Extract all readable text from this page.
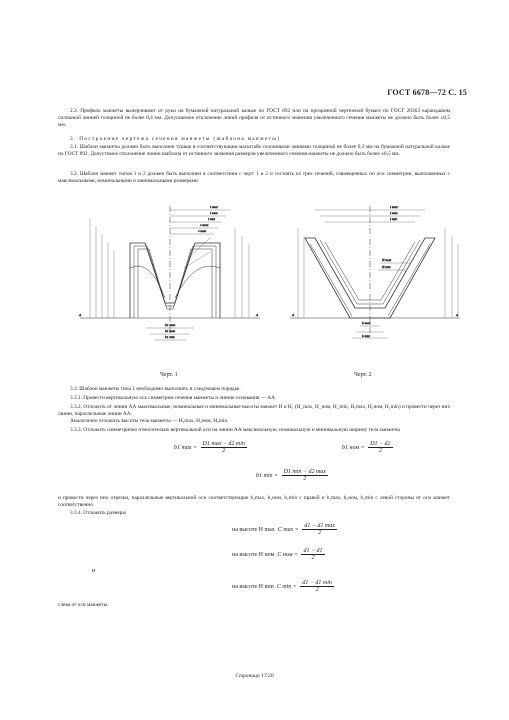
ГОСТ 6678—72 С. 15

2.2. Профиль манжеты вычерчивают от руки на бумажной натуральной кальке по ГОСТ 892 или на прозрачной чертежной бумаге по ГОСТ 20363 карандашом сплошной линией толщиной не более 0,4 мм. Допускаемое отклонение линий профиля от истинного значения увеличенного сечения манжеты не должно быть более ±0,5 мм.

3. Построение чертежа сечения манжеты (шаблона манжеты)

3.1. Шаблон манжеты должен быть выполнен тушью в соответствующем масштабе сплошными линиями толщиной не более 0,3 мм на бумажной натуральной кальке по ГОСТ 892. Допустимое отклонение линии шаблона от истинного значения размеров увеличенного сечения манжеты не должно быть более ±0,5 мм.

3.2. Шаблон манжет типов 1 и 2 должен быть выполнен в соответствии с черт. 1 и 2 и состоять из трех сечений, совмещенных по оси симметрии, выполненных с максимальными, номинальными и минимальными размерами.

A	A
l max
l ном
l min
c max
c ном
b1 max
b1 ном
b1 min
A	A
l max
l ном
l min
H max
H min
b max
b min
Черт. 1	Черт. 2

3.3. Шаблон манжеты типа 1 необходимо выполнять в следующем порядке.

3.3.1. Провести вертикальную ось симметрии сечения манжеты и линию основания — АА.

3.3.2. Отложить от линии АА максимальные, номинальные и минимальные высоты манжет H и H₁ (H_max, H_ном, H_min, H₁max, H₁ном, H₁min) и провести через них линии, параллельные линии АА.

Аналогично отложить высоты тела манжеты — H₂max, H₂ном, H₂min.

3.3.3. Отложить симметрично относительно вертикальной оси на линии АА максимальную, номинальную и минимальную ширину тела манжеты

b1 $\max = \frac{D1 \max - d2 \min}{2}$	b1 ном = $\frac{D1 - d2}{2}$
b1 $\min = \frac{D1 \min - d2 \max}{2}$

и провести через них отрезки, параллельные вертикальной оси соответствующие b₁max, b₁ном, b₁min с правой и b₁max, b₁ном, b₁min с левой стороны от оси манжет соответственно.

3.3.4. Отложить размеры

на высоте H max C $\max = \frac{d1 - d1 \max}{2}$
на высоте H ном C ном = $\frac{d1 - d1}{2}$
и
на высоте H min C $\min = \frac{d1 - d1 \min}{2}$

слева от оси манжеты.

Страница 17/20
